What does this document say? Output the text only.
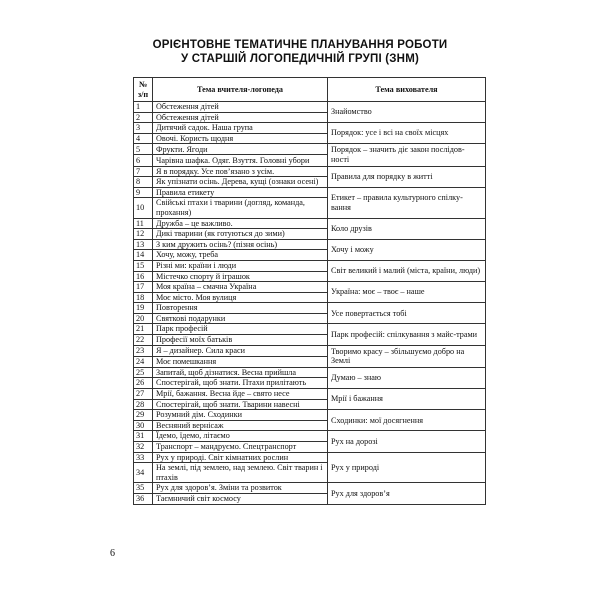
ОРІЄНТОВНЕ ТЕМАТИЧНЕ ПЛАНУВАННЯ РОБОТИ
У СТАРШІЙ ЛОГОПЕДИЧНІЙ ГРУПІ (ЗНМ)
№
з/п	Тема вчителя-логопеда	Тема вихователя
1	Обстеження дітей	Знайомство
2	Обстеження дітей	
3	Дитячий садок. Наша група	Порядок: усе і всі на своїх місцях
4	Овочі. Користь щодня	
5	Фрукти. Ягоди	Порядок – значить діє закон послідов-ності
6	Чарівна шафка. Одяг. Взуття. Головні убори	
7	Я в порядку. Усе пов’язано з усім.	Правила для порядку в житті
8	Як упізнати осінь. Дерева, кущі (ознаки осені)	
9	Правила етикету	Етикет – правила культурного спілку-вання
10	Свійські птахи і тварини (догляд, команда, прохання)	
11	Дружба – це важливо.	Коло друзів
12	Дикі тварини (як готуються до зими)	
13	З ким дружить осінь? (пізня осінь)	Хочу і можу
14	Хочу, можу, треба	
15	Різні ми: країни і люди	Світ великий і малий (міста, країни, люди)
16	Містечко спорту й іграшок	
17	Моя країна – смачна Україна	Україна: моє – твоє – наше
18	Моє місто. Моя вулиця	
19	Повторення	Усе повертається тобі
20	Святкові подарунки	
21	Парк професій	Парк професій: спілкування з майс-трами
22	Професії моїх батьків	
23	Я – дизайнер. Сила краси	Творимо красу – збільшуємо добро на Землі
24	Моє помешкання	
25	Запитай, щоб дізнатися. Весна прийшла	Думаю – знаю
26	Спостерігай, щоб знати. Птахи прилітають	
27	Мрії, бажання. Весна йде – свято несе	Мрії і бажання
28	Спостерігай, щоб знати. Тварини навесні	
29	Розумний дім. Сходинки	Сходинки: мої досягнення
30	Весняний вернісаж	
31	Їдемо, їдемо, літаємо	Рух на дорозі
32	Транспорт – мандруємо. Спецтранспорт	
33	Рух у природі. Світ кімнатних рослин	Рух у природі
34	На землі, під землею, над землею. Світ тварин і птахів	
35	Рух для здоров’я. Зміни та розвиток	Рух для здоров’я
36	Таємничий світ космосу	
6
